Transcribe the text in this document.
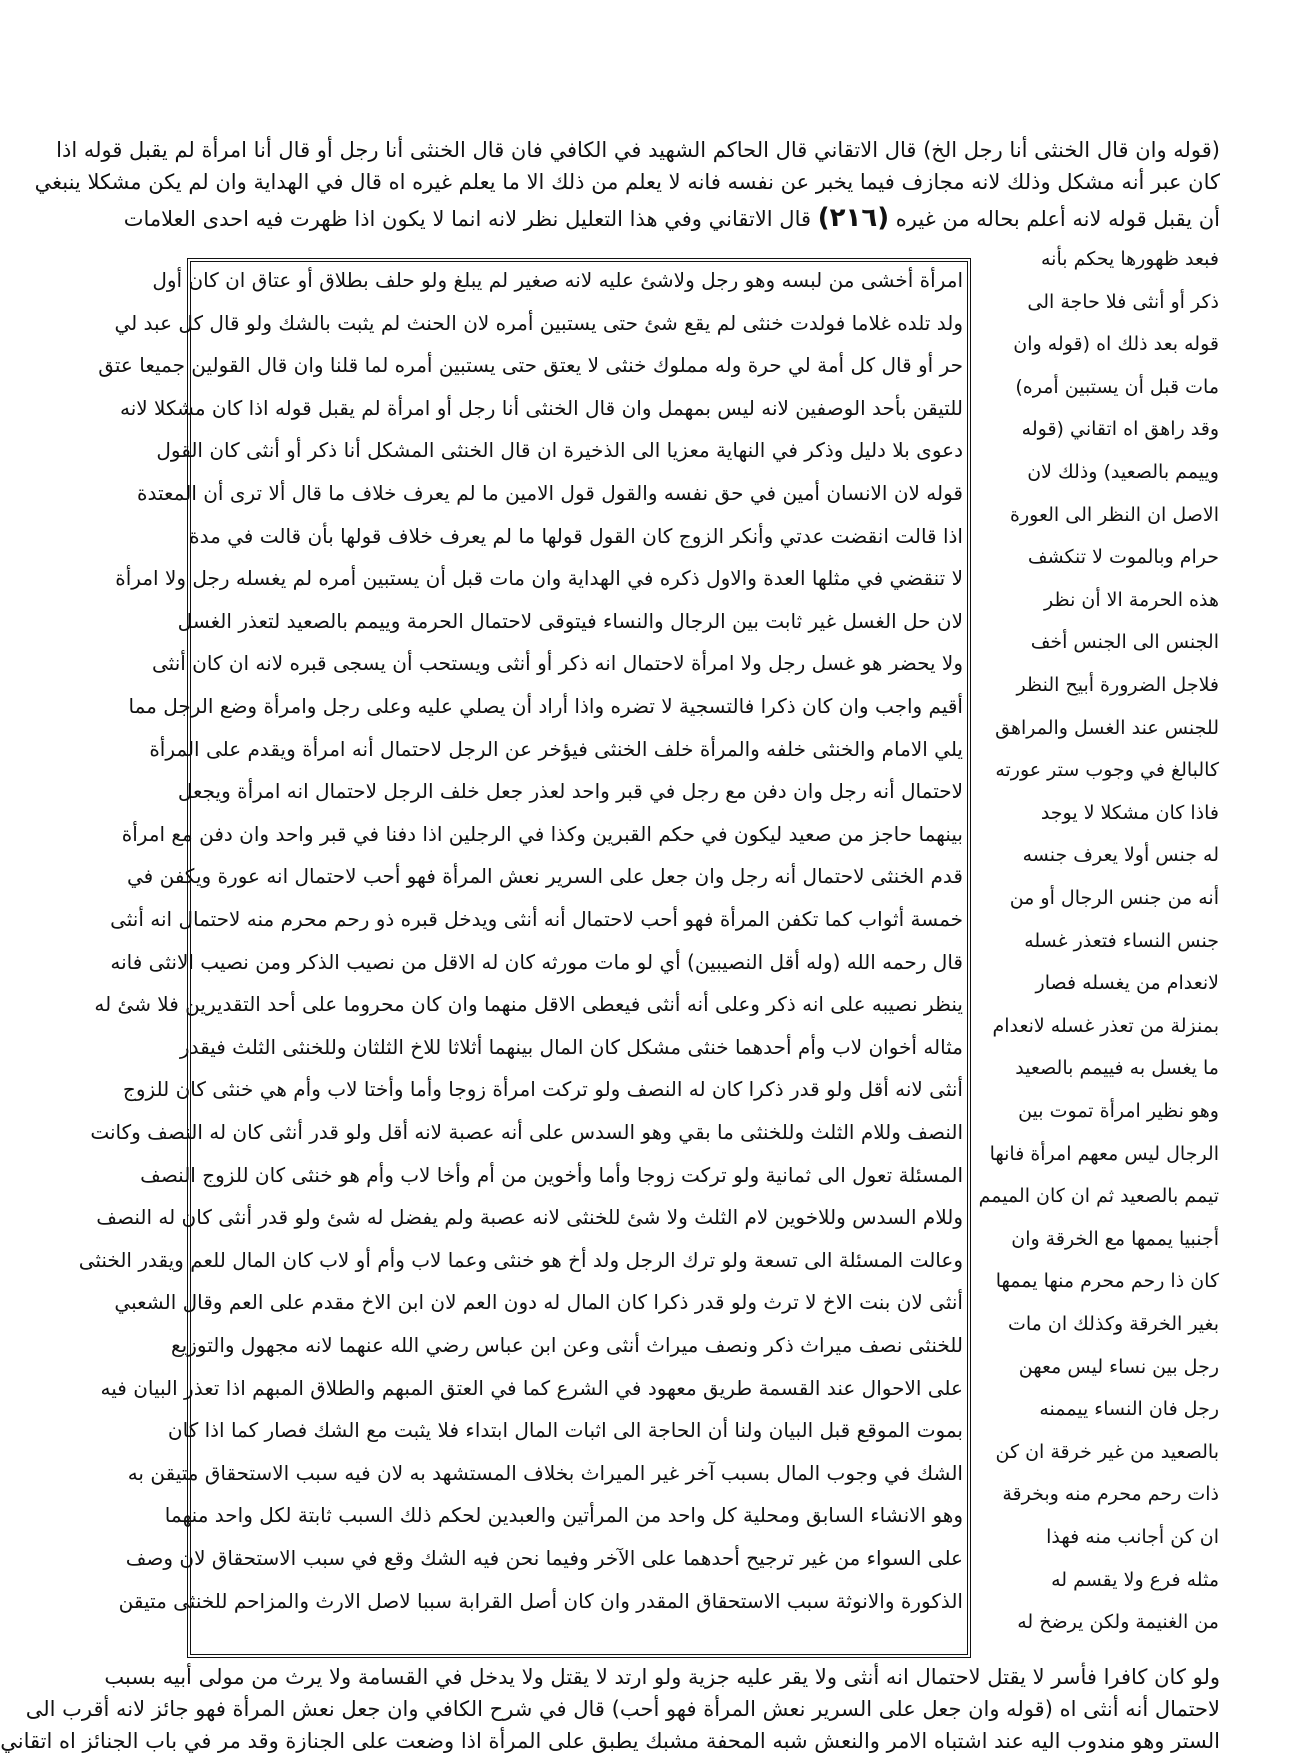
(قوله وان قال الخنثى أنا رجل الخ) قال الاتقاني قال الحاكم الشهيد في الكافي فان قال الخنثى أنا رجل أو قال أنا امرأة لم يقبل قوله اذا
كان عبر أنه مشكل وذلك لانه مجازف فيما يخبر عن نفسه فانه لا يعلم من ذلك الا ما يعلم غيره اه قال في الهداية وان لم يكن مشكلا ينبغي
أن يقبل قوله لانه أعلم بحاله من غيره (٢١٦) قال الاتقاني وفي هذا التعليل نظر لانه انما لا يكون اذا ظهرت فيه احدى العلامات
امرأة أخشى من لبسه وهو رجل ولاشئ عليه لانه صغير لم يبلغ ولو حلف بطلاق أو عتاق ان كان أول
ولد تلده غلاما فولدت خنثى لم يقع شئ حتى يستبين أمره لان الحنث لم يثبت بالشك ولو قال كل عبد لي
حر أو قال كل أمة لي حرة وله مملوك خنثى لا يعتق حتى يستبين أمره لما قلنا وان قال القولين جميعا عتق
للتيقن بأحد الوصفين لانه ليس بمهمل وان قال الخنثى أنا رجل أو امرأة لم يقبل قوله اذا كان مشكلا لانه
دعوى بلا دليل وذكر في النهاية معزيا الى الذخيرة ان قال الخنثى المشكل أنا ذكر أو أنثى كان القول
قوله لان الانسان أمين في حق نفسه والقول قول الامين ما لم يعرف خلاف ما قال ألا ترى أن المعتدة
اذا قالت انقضت عدتي وأنكر الزوج كان القول قولها ما لم يعرف خلاف قولها بأن قالت في مدة
لا تنقضي في مثلها العدة والاول ذكره في الهداية وان مات قبل أن يستبين أمره لم يغسله رجل ولا امرأة
لان حل الغسل غير ثابت بين الرجال والنساء فيتوقى لاحتمال الحرمة وييمم بالصعيد لتعذر الغسل
ولا يحضر هو غسل رجل ولا امرأة لاحتمال انه ذكر أو أنثى ويستحب أن يسجى قبره لانه ان كان أنثى
أقيم واجب وان كان ذكرا فالتسجية لا تضره واذا أراد أن يصلي عليه وعلى رجل وامرأة وضع الرجل مما
يلي الامام والخنثى خلفه والمرأة خلف الخنثى فيؤخر عن الرجل لاحتمال أنه امرأة ويقدم على المرأة
لاحتمال أنه رجل وان دفن مع رجل في قبر واحد لعذر جعل خلف الرجل لاحتمال انه امرأة ويجعل
بينهما حاجز من صعيد ليكون في حكم القبرين وكذا في الرجلين اذا دفنا في قبر واحد وان دفن مع امرأة
قدم الخنثى لاحتمال أنه رجل وان جعل على السرير نعش المرأة فهو أحب لاحتمال انه عورة ويكفن في
خمسة أثواب كما تكفن المرأة فهو أحب لاحتمال أنه أنثى ويدخل قبره ذو رحم محرم منه لاحتمال انه أنثى
قال رحمه الله (وله أقل النصيبين) أي لو مات مورثه كان له الاقل من نصيب الذكر ومن نصيب الانثى فانه
ينظر نصيبه على انه ذكر وعلى أنه أنثى فيعطى الاقل منهما وان كان محروما على أحد التقديرين فلا شئ له
مثاله أخوان لاب وأم أحدهما خنثى مشكل كان المال بينهما أثلاثا للاخ الثلثان وللخنثى الثلث فيقدر
أنثى لانه أقل ولو قدر ذكرا كان له النصف ولو تركت امرأة زوجا وأما وأختا لاب وأم هي خنثى كان للزوج
النصف وللام الثلث وللخنثى ما بقي وهو السدس على أنه عصبة لانه أقل ولو قدر أنثى كان له النصف وكانت
المسئلة تعول الى ثمانية ولو تركت زوجا وأما وأخوين من أم وأخا لاب وأم هو خنثى كان للزوج النصف
وللام السدس وللاخوين لام الثلث ولا شئ للخنثى لانه عصبة ولم يفضل له شئ ولو قدر أنثى كان له النصف
وعالت المسئلة الى تسعة ولو ترك الرجل ولد أخ هو خنثى وعما لاب وأم أو لاب كان المال للعم ويقدر الخنثى
أنثى لان بنت الاخ لا ترث ولو قدر ذكرا كان المال له دون العم لان ابن الاخ مقدم على العم وقال الشعبي
للخنثى نصف ميراث ذكر ونصف ميراث أنثى وعن ابن عباس رضي الله عنهما لانه مجهول والتوزيع
على الاحوال عند القسمة طريق معهود في الشرع كما في العتق المبهم والطلاق المبهم اذا تعذر البيان فيه
بموت الموقع قبل البيان ولنا أن الحاجة الى اثبات المال ابتداء فلا يثبت مع الشك فصار كما اذا كان
الشك في وجوب المال بسبب آخر غير الميراث بخلاف المستشهد به لان فيه سبب الاستحقاق متيقن به
وهو الانشاء السابق ومحلية كل واحد من المرأتين والعبدين لحكم ذلك السبب ثابتة لكل واحد منهما
على السواء من غير ترجيح أحدهما على الآخر وفيما نحن فيه الشك وقع في سبب الاستحقاق لان وصف
الذكورة والانوثة سبب الاستحقاق المقدر وان كان أصل القرابة سببا لاصل الارث والمزاحم للخنثى متيقن
فبعد ظهورها يحكم بأنه
ذكر أو أنثى فلا حاجة الى
قوله بعد ذلك اه (قوله وان
مات قبل أن يستبين أمره)
وقد راهق اه اتقاني (قوله
وييمم بالصعيد) وذلك لان
الاصل ان النظر الى العورة
حرام وبالموت لا تنكشف
هذه الحرمة الا أن نظر
الجنس الى الجنس أخف
فلاجل الضرورة أبيح النظر
للجنس عند الغسل والمراهق
كالبالغ في وجوب ستر عورته
فاذا كان مشكلا لا يوجد
له جنس أولا يعرف جنسه
أنه من جنس الرجال أو من
جنس النساء فتعذر غسله
لانعدام من يغسله فصار
بمنزلة من تعذر غسله لانعدام
ما يغسل به فييمم بالصعيد
وهو نظير امرأة تموت بين
الرجال ليس معهم امرأة فانها
تيمم بالصعيد ثم ان كان الميمم
أجنبيا يممها مع الخرقة وان
كان ذا رحم محرم منها يممها
بغير الخرقة وكذلك ان مات
رجل بين نساء ليس معهن
رجل فان النساء ييممنه
بالصعيد من غير خرقة ان كن
ذات رحم محرم منه وبخرقة
ان كن أجانب منه فهذا
مثله فرع ولا يقسم له
من الغنيمة ولكن يرضخ له
ولو كان كافرا فأسر لا يقتل لاحتمال انه أنثى ولا يقر عليه جزية ولو ارتد لا يقتل ولا يدخل في القسامة ولا يرث من مولى أبيه بسبب
لاحتمال أنه أنثى اه (قوله وان جعل على السرير نعش المرأة فهو أحب) قال في شرح الكافي وان جعل نعش المرأة فهو جائز لانه أقرب الى
الستر وهو مندوب اليه عند اشتباه الامر والنعش شبه المحفة مشبك يطبق على المرأة اذا وضعت على الجنازة وقد مر في باب الجنائز اه اتقاني
